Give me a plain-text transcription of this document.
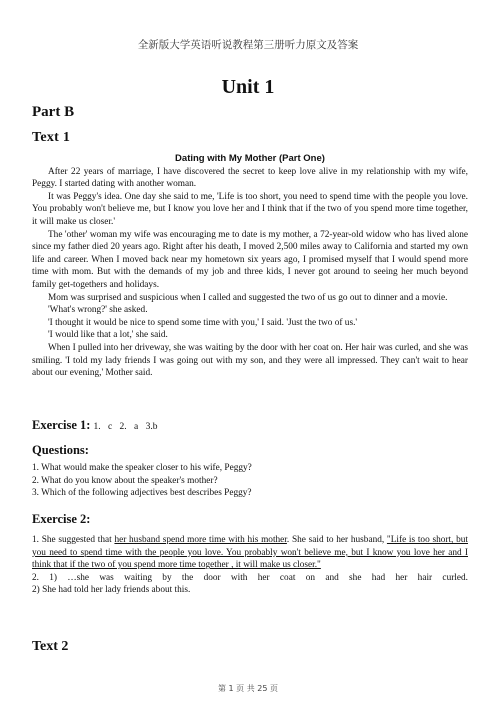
全新版大学英语听说教程第三册听力原文及答案
Unit 1
Part B
Text 1
Dating with My Mother (Part One)

After 22 years of marriage, I have discovered the secret to keep love alive in my relationship with my wife, Peggy. I started dating with another woman.

It was Peggy's idea. One day she said to me, 'Life is too short, you need to spend time with the people you love. You probably won't believe me, but I know you love her and I think that if the two of you spend more time together, it will make us closer.'

The 'other' woman my wife was encouraging me to date is my mother, a 72-year-old widow who has lived alone since my father died 20 years ago. Right after his death, I moved 2,500 miles away to California and started my own life and career. When I moved back near my hometown six years ago, I promised myself that I would spend more time with mom. But with the demands of my job and three kids, I never got around to seeing her much beyond family get-togethers and holidays.

Mom was surprised and suspicious when I called and suggested the two of us go out to dinner and a movie.

'What's wrong?' she asked.

'I thought it would be nice to spend some time with you,' I said. 'Just the two of us.'

'I would like that a lot,' she said.

When I pulled into her driveway, she was waiting by the door with her coat on. Her hair was curled, and she was smiling. 'I told my lady friends I was going out with my son, and they were all impressed. They can't wait to hear about our evening,' Mother said.

Exercise 1: 1. c 2. a 3.b
Questions:

1. What would make the speaker closer to his wife, Peggy?

2. What do you know about the speaker's mother?

3. Which of the following adjectives best describes Peggy?

Exercise 2:

1. She suggested that her husband spend more time with his mother. She said to her husband, "Life is too short, but you need to spend time with the people you love. You probably won't believe me, but I know you love her and I think that if the two of you spend more time together , it will make us closer."

2. 1) …she was waiting by the door with her coat on and she had her hair curled.

2) She had told her lady friends about this.

Text 2
第 1 页 共 25 页
